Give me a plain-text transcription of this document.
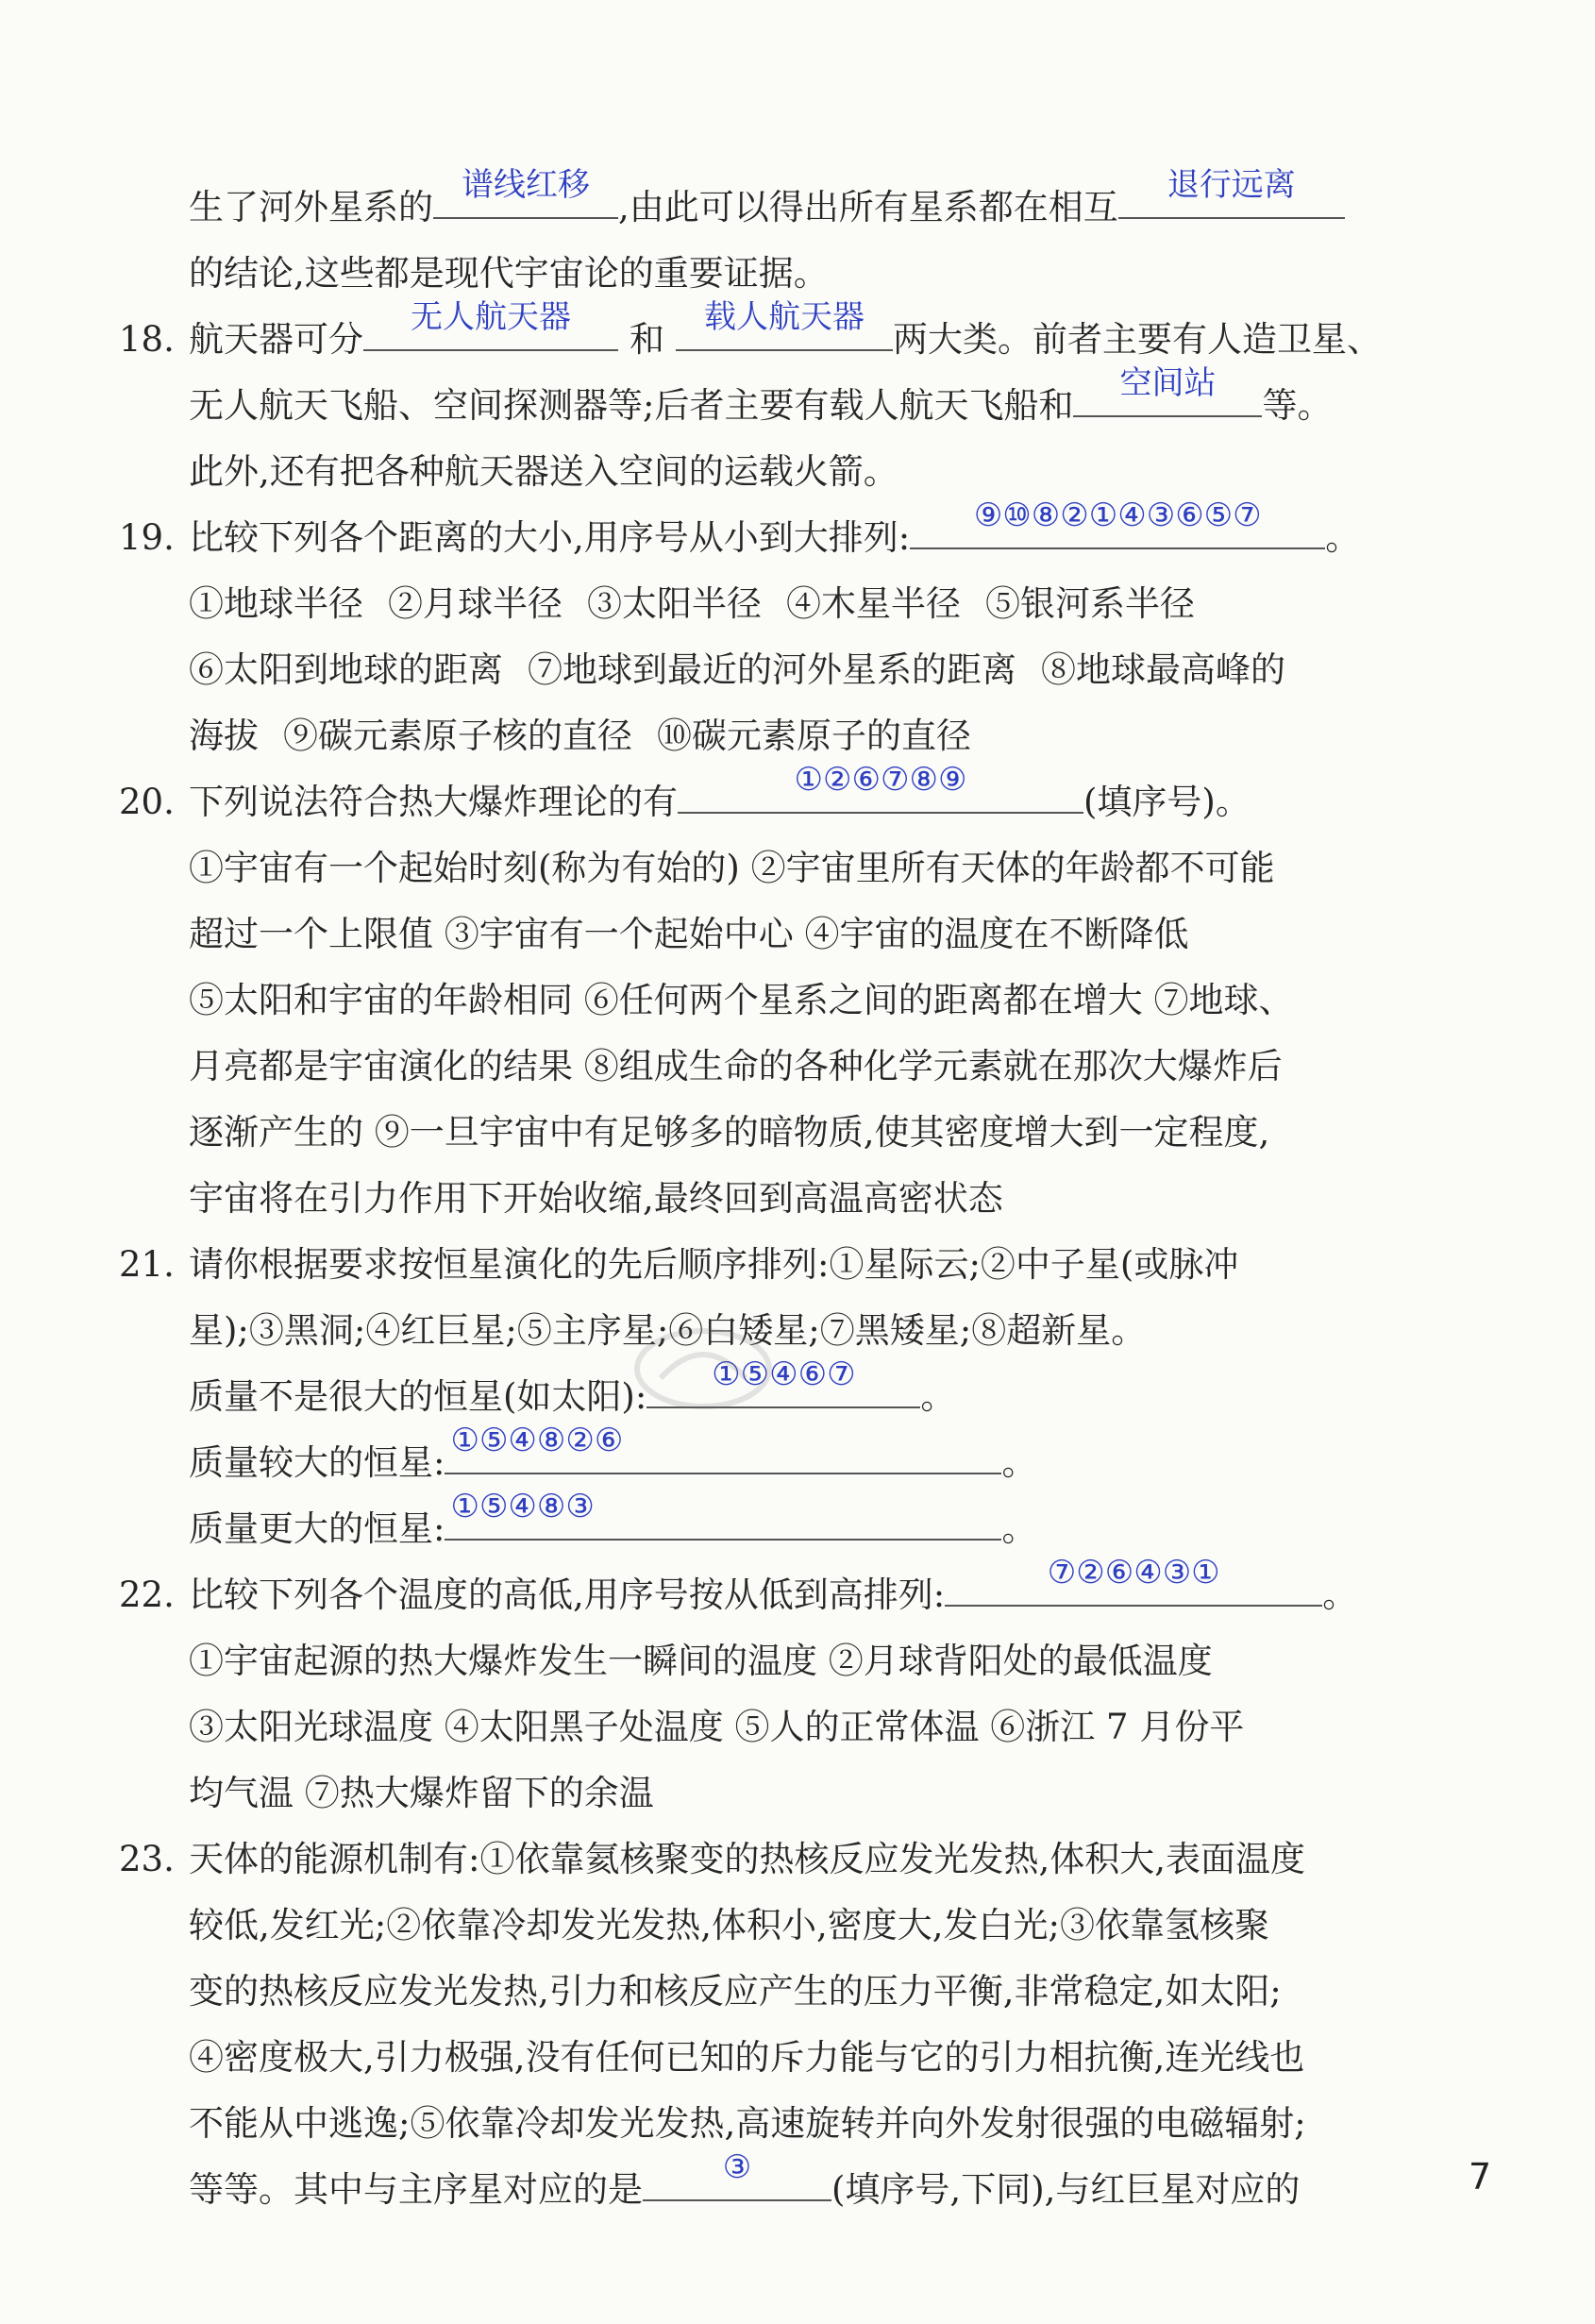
生了河外星系的
谱线红移
,由此可以得出所有星系都在相互
退行远离
的结论,这些都是现代宇宙论的重要证据。
18. 航天器可分
无人航天器
和
载人航天器
两大类。前者主要有人造卫星、
无人航天飞船、空间探测器等;后者主要有载人航天飞船和
空间站
等。
此外,还有把各种航天器送入空间的运载火箭。
19. 比较下列各个距离的大小,用序号从小到大排列:
⑨⑩⑧②①④③⑥⑤⑦
。
①地球半径 ②月球半径 ③太阳半径 ④木星半径 ⑤银河系半径
⑥太阳到地球的距离 ⑦地球到最近的河外星系的距离 ⑧地球最高峰的
海拔 ⑨碳元素原子核的直径 ⑩碳元素原子的直径
20. 下列说法符合热大爆炸理论的有
①②⑥⑦⑧⑨
(填序号)。
①宇宙有一个起始时刻(称为有始的) ②宇宙里所有天体的年龄都不可能
超过一个上限值 ③宇宙有一个起始中心 ④宇宙的温度在不断降低
⑤太阳和宇宙的年龄相同 ⑥任何两个星系之间的距离都在增大 ⑦地球、
月亮都是宇宙演化的结果 ⑧组成生命的各种化学元素就在那次大爆炸后
逐渐产生的 ⑨一旦宇宙中有足够多的暗物质,使其密度增大到一定程度,
宇宙将在引力作用下开始收缩,最终回到高温高密状态
21. 请你根据要求按恒星演化的先后顺序排列:①星际云;②中子星(或脉冲
星);③黑洞;④红巨星;⑤主序星;⑥白矮星;⑦黑矮星;⑧超新星。
质量不是很大的恒星(如太阳):
①⑤④⑥⑦
。
质量较大的恒星:
①⑤④⑧②⑥
。
质量更大的恒星:
①⑤④⑧③
。
22. 比较下列各个温度的高低,用序号按从低到高排列:
⑦②⑥④③①
。
①宇宙起源的热大爆炸发生一瞬间的温度 ②月球背阳处的最低温度
③太阳光球温度 ④太阳黑子处温度 ⑤人的正常体温 ⑥浙江 7 月份平
均气温 ⑦热大爆炸留下的余温
23. 天体的能源机制有:①依靠氦核聚变的热核反应发光发热,体积大,表面温度
较低,发红光;②依靠冷却发光发热,体积小,密度大,发白光;③依靠氢核聚
变的热核反应发光发热,引力和核反应产生的压力平衡,非常稳定,如太阳;
④密度极大,引力极强,没有任何已知的斥力能与它的引力相抗衡,连光线也
不能从中逃逸;⑤依靠冷却发光发热,高速旋转并向外发射很强的电磁辐射;
等等。其中与主序星对应的是
③
(填序号,下同),与红巨星对应的	7
